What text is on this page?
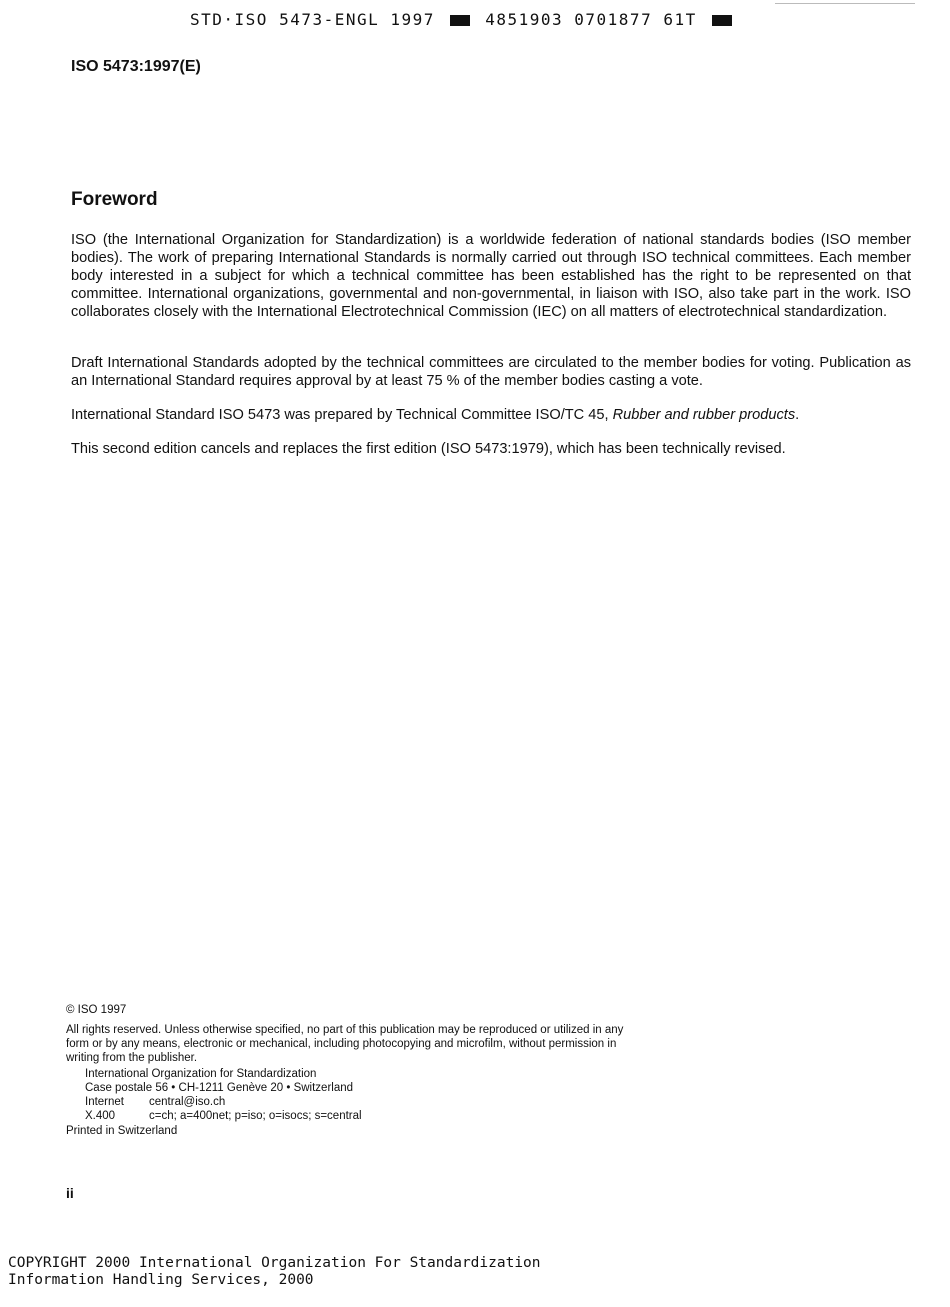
STD·ISO 5473-ENGL 1997	4851903 0701877 61T
ISO 5473:1997(E)
Foreword
ISO (the International Organization for Standardization) is a worldwide federation of national standards bodies (ISO member bodies). The work of preparing International Standards is normally carried out through ISO technical committees. Each member body interested in a subject for which a technical committee has been established has the right to be represented on that committee. International organizations, governmental and non-governmental, in liaison with ISO, also take part in the work. ISO collaborates closely with the International Electrotechnical Commission (IEC) on all matters of electrotechnical standardization.
Draft International Standards adopted by the technical committees are circulated to the member bodies for voting. Publication as an International Standard requires approval by at least 75 % of the member bodies casting a vote.
International Standard ISO 5473 was prepared by Technical Committee ISO/TC 45, Rubber and rubber products.
This second edition cancels and replaces the first edition (ISO 5473:1979), which has been technically revised.
© ISO 1997
All rights reserved. Unless otherwise specified, no part of this publication may be reproduced or utilized in any form or by any means, electronic or mechanical, including photocopying and microfilm, without permission in writing from the publisher.
International Organization for Standardization
Case postale 56 • CH-1211 Genève 20 • Switzerland
Internet	central@iso.ch
X.400	c=ch; a=400net; p=iso; o=isocs; s=central
Printed in Switzerland
ii
COPYRIGHT 2000 International Organization For Standardization
Information Handling Services, 2000
